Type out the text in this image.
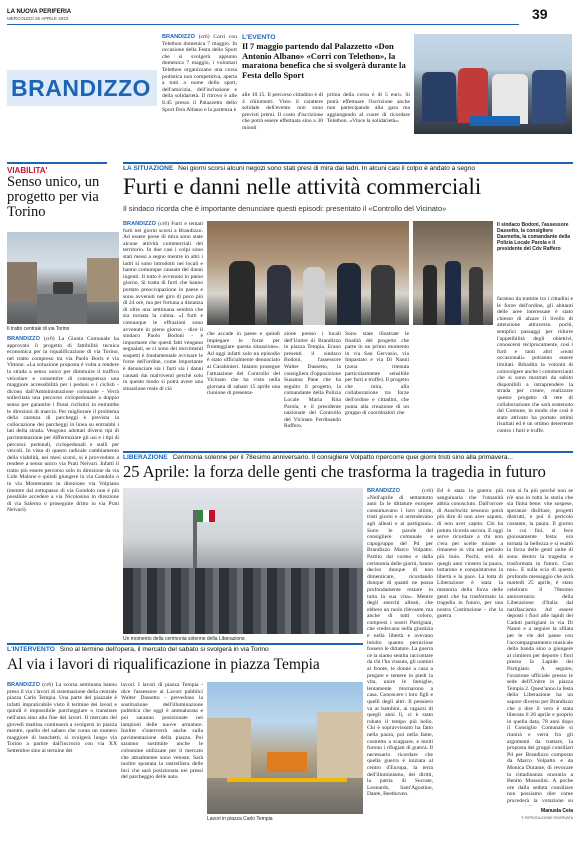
LA NUOVA PERIFERIA
MERCOLEDÌ 26 APRILE 2023	39
BRANDIZZO
BRANDIZZO (cr6) Corri con Telethon domenica 7 maggio. In occasione della Festa dello Sport che si svolgerà appunto domenica 7 maggio, i volontari Telethon organizzano una corsa podistica non competitiva, aperta a tutti a nome dello sport, dell'amicizia, dell'inclusione e della solidarietà. Il ritrovo è alle 8.45 presso il Palazzetto dello Sport Don Albano e la partenza è
L'EVENTO
Il 7 maggio partendo dal Palazzetto «Don Antonio Albano» «Corri con Telethon», la maratona benefica che si svolgerà durante la Festa dello Sport
alle 10.15. Il percorso cittadino è di 4 chilometri. Visto il carattere solidale dell'evento non sono previsti premi. Il costo d'iscrizione che potrà essere effettuata sino a 30 minuti
prima della corsa è di 5 euro. Si potrà effettuare l'iscrizione anche non partecipando alla gara ma aggiungendo al cuore di ricordare Telethon. «Vince la solidarietà».
VIABILITA'
Senso unico, un progetto per via Torino
Il tratto centrale di via Torino
BRANDIZZO (cr6) La Giunta Comunale ha approvato il progetto di fattibilità tecnica economica per la riqualificazione di via Torino, nel tratto compreso tra via Paolo Boris e via Vittone. «La soluzione proposta è volta a rendere la strada a senso unico per diminuire il traffico veicolare e consentire di conseguenza una maggiore accessibilità per i pedoni e i ciclisti - dicono dall'Amministrazione comunale - Verrà sollecitata una percorso ciclopedonale a doppio senso per garantire i flussi ciclistici in entrambe le direzioni di marcia. Per migliorare il problema della carenza di parcheggi è prevista la collocazione dei parcheggi in linea su entrambi i lati della strada. Vengono adottati diversi tipi di pavimentazione per differenziare gli usi e i tipi di percorsi: pedonali, ciclopedonali e stalli per veicoli. In vista di questo radicale cambiamento della viabilità, nei mesi scorsi, si è provveduto a rendere a senso unico via Prati Neivari. Infatti il tratto più essere percorso solo in direzione da via Lido Malone e quindi giungere in via Gondolo o in via Montenanto in direzione via Volpiano (mentre dal sottopasso di via Gondolo non è più possibile accedere a via Nicolosino in direzione di via Salerno o proseguire dritto in via Prati Neivari).
LA SITUAZIONE Nei giorni scorsi alcuni negozi sono stati presi di mira dai ladri. In alcuni casi il colpo è andato a segno
Furti e danni nelle attività commerciali
Il sindaco ricorda che è importante denunciare questi episodi: presentato il «Controllo del Vicinato»
BRANDIZZO (cr6) Furti e tentati furti nei giorni scorsi a Brandizzo. Ad essere prese di mira sono state alcune attività commerciali del territorio. In due casi i colpi sono stati messi a segno mentre in altri i ladri si sono introdotti nei locali e hanno comunque causato dei danni ingenti. Il tutto è avvenuto in pieno giorno. Si tratta di furti che hanno portato preoccupazione in paese e sono avvenuti nel giro di poco più di 24 ore, ma per fortuna a distanza di oltre una settimana sembra che sia tornata la calma. «I furti e comunque le effrazioni sono avvenute in pieno giorno - dice il sindaco Paolo Bodoni - è importante che questi fatti vengano segnalati, se ci sono dei movimenti sospetti è fondamentale avvisare le forze dell'ordine, come importante è denunciare sia i furti sia i danni causati dai malviventi perché solo in questo modo si potrà avere una situazione reale di ciò
Il sindaco Bodoni, l'assessore Dassetto, la consigliere Dasmetta, la comandante della Polizia Locale Parola e il presidente del Cdv Raffero
che accade in paese e quindi impiegare le forze per fronteggiare questa situazione». Ad oggi infatti solo un episodio è stato ufficialmente denunciato ai Carabinieri. Intanto prosegue l'attuazione del Controllo del Vicinato che ha visto nella giornata di sabato 15 aprile una riunione di presenta-
zione presso i locali dell'Unitre di Brandizzo in piazza Tempia. Erano presenti il sindaco Bodoni, l'assessore Walter Dassetto, la consigliera d'opposizione Susanna Pane che ha seguito il progetto, la comandante della Polizia Locale Maria Rita Parola, e il presidente nazionale del Controllo del Vicinato Ferdinando Raffero.
Sono state illustrate le finalità del progetto che parte in un primo momento in via San Gervasio, via Impastato e via Di Nanni (zona ritenuta particolarmente sensibile per furti e truffe). Il progetto che mira, alla collaborazione tra forze dell'ordine e cittadini, che punta alla creazione di un gruppo di coordinatori che
faranno da tramite tra i cittadini e le forze dell'ordine, gli abitanti delle aree interessate è stato chiesto di alzare il livello di attenzione attraverso pochi, semplici passaggi per ridurre l'appetibilità degli obiettivi, conoscersi reciprocamente, così i furti e tanti altri «reati occasionali» potranno essere limitati. Ribadita la volontà di coinvolgere anche i commercianti che si sono mostrati da subito disponibili a intraprendere la strada per creare, realizzare questo progetto di rete di collaborazione che sarà sostenuto dal Comune, in modo che così è stato attivato ha portato ottimi risultati ed è un ottimo deterrente contro i furti e truffe.
LIBERAZIONE Cerimonia solenne per il 78esimo anniversario. Il consigliere Volpatto ripercorre quei giorni tristi sino alla primavera...
25 Aprile: la forza delle genti che trasforma la tragedia in futuro
Un momento della cerimonia solenne della Liberazione
BRANDIZZO	(cr6) «Nell'aprile di settantotto anni fa le dittature europee consumavano i loro ultimi, tristi giorni e si arrendevano agli alleati e ai partigiani». Sono le parole del consigliere comunale e capogruppo del Pd per Brandizzo Marco Volpatto. Partito dal corteo e dalla cerimonia delle giorni, hanno deciso dunque di non dimenticare, ricordando dunque di quanti ne possa profondamente restare in tutta la sua vita». Mentre degli eserciti alleati, che ebbero un ruolo rilevante, ma anche di tutti coloro, compresi i nostri Partigiani, che credevano nella giustizia e nella libertà e avevano intuito quanto perniciose fossero le dittature. La guerra ce la siamo sentita raccontare da chi l'ha vissuta, gli uomini al fronte, le donne a casa a pregare e temere in piedi la vita, unire le famiglie, lentamente ritornarono a casa. Conoscere i loro figli e quelli degli altri. Il pensiero va ai bambini, ai ragazzi di quegli anni lì, ci è stato rubato il tempo più bello. Chi è sopravvissuto ha fatto nella paura, poi nella fame, costretto a scappare, e molti furono i rifugiati di guerra. Il necessario ricordare che quella guerra è iniziata al centro d'Europa, la terra dell'illuminismo, dei diritti, la patria di Socrate, Leonardo, Sant'Agostino, Dante, Beethoven.
Ed è stata la guerra più sanguinaria che l'umanità abbia conosciuto. Dall'orrore di Auschwitz nessuno potrà più dire di non aver saputo, di non aver capito. Chi ha potuto ricorda ancora. E oggi serve ricordare a chi non c'era per scelte mirate a rimanere in vita nel periodo più buio. Pochi, eroi di quegli anni vinsero la paura, lottarono e conquistarono la libertà e la pace. La lotta di Liberazione è stata la memoria della forza delle genti che ha trasformato la tragedia in futuro, per una nostra Costituzione - che la guerra
non si fa più perché non se n'è una in tutta la storia che sia finita bene: vite sospese, speranze disilluse, progetti distrutti, e poi il pericolo costante, la paura. Il giorno in cui finì, si fece gioiosamente festa: era tornata la bellezza e si esaltò la forza delle genti unite di sono dentro la tragedia e trasformata in futuro. Ciao noi». E sulla scia di questo profondo messaggio che avrà martedì 25 aprile, è stato celebrato il 78esimo anniversario della Liberazione d'Italia dal nazifascismo. Ad essere deposti i fiori alle lapidi dei Caduti partigiani in via Di Nanni e a seguire la sfilata per le vie del paese con l'accompagnamento musicale della banda sino a giungere al cimitero per deporre i fiori presso la Lapide dei Partigiani. A seguire, l'orazione ufficiale presso le sede dell'Unitre in piazza Tempia 2. Quest'anno la festa della Liberazione ha un sapore diverso per Brandizzo che a dire il vero è stata liberata il 26 aprile e proprio in quella data, 78 anni dopo il Consiglio Comunale si riunirà e verrà fra gli argomenti da trattare, la proposta dei gruppi consiliari Pd per Brandizzo composto da Marco Volpatto e da Monica Durante, di revocare la cittadinanza onoraria a Benito Mussolini. A poche ore dalla seduta consiliare non possiamo dire come procederà la votazione su
Manuela Ceia
© RIPRODUZIONE RISERVATA
L'INTERVENTO Sino al termine dell'opera, il mercato del sabato si svolgerà in via Torino
Al via i lavori di riqualificazione in piazza Tempia
BRANDIZZO (cr6) La scorsa settimana hanno preso il via i lavori di sistemazione della centrale piazza Carlo Tempia. Una parte del piazzale è infatti impraticabile visto il termine dei lavori e quindi è impossibile parcheggiare o transitare nell'area sino alla fine dei lavori. Il mercato del giovedì mattina continuerà a svolgersi in piazza mentre, quello del sabato che conta un numero maggiore di banchetti, si svolgerà lungo via Torino a partire dall'incrocio con via XX Settembre sino al termine dei
lavori. I lavori di piazza Tempia - dice l'assessore ai Lavori pubblici Walter Dassetto - prevedono la sostituzione dell'illuminazione pubblica che oggi è ammalorata e poi saranno posizionate nei lampioni delle nuove armature. Inoltre s'interverrà anche sulla pavimentazione della piazza. Poi saranno sostituite anche le colonnine utilizzate per il mercato che attualmente sono vetuste. Sarà inoltre spostata la rastrelliera delle bici che sarà posizionata nei pressi del parcheggio delle auto.
Lavori in piazza Carlo Tempia
